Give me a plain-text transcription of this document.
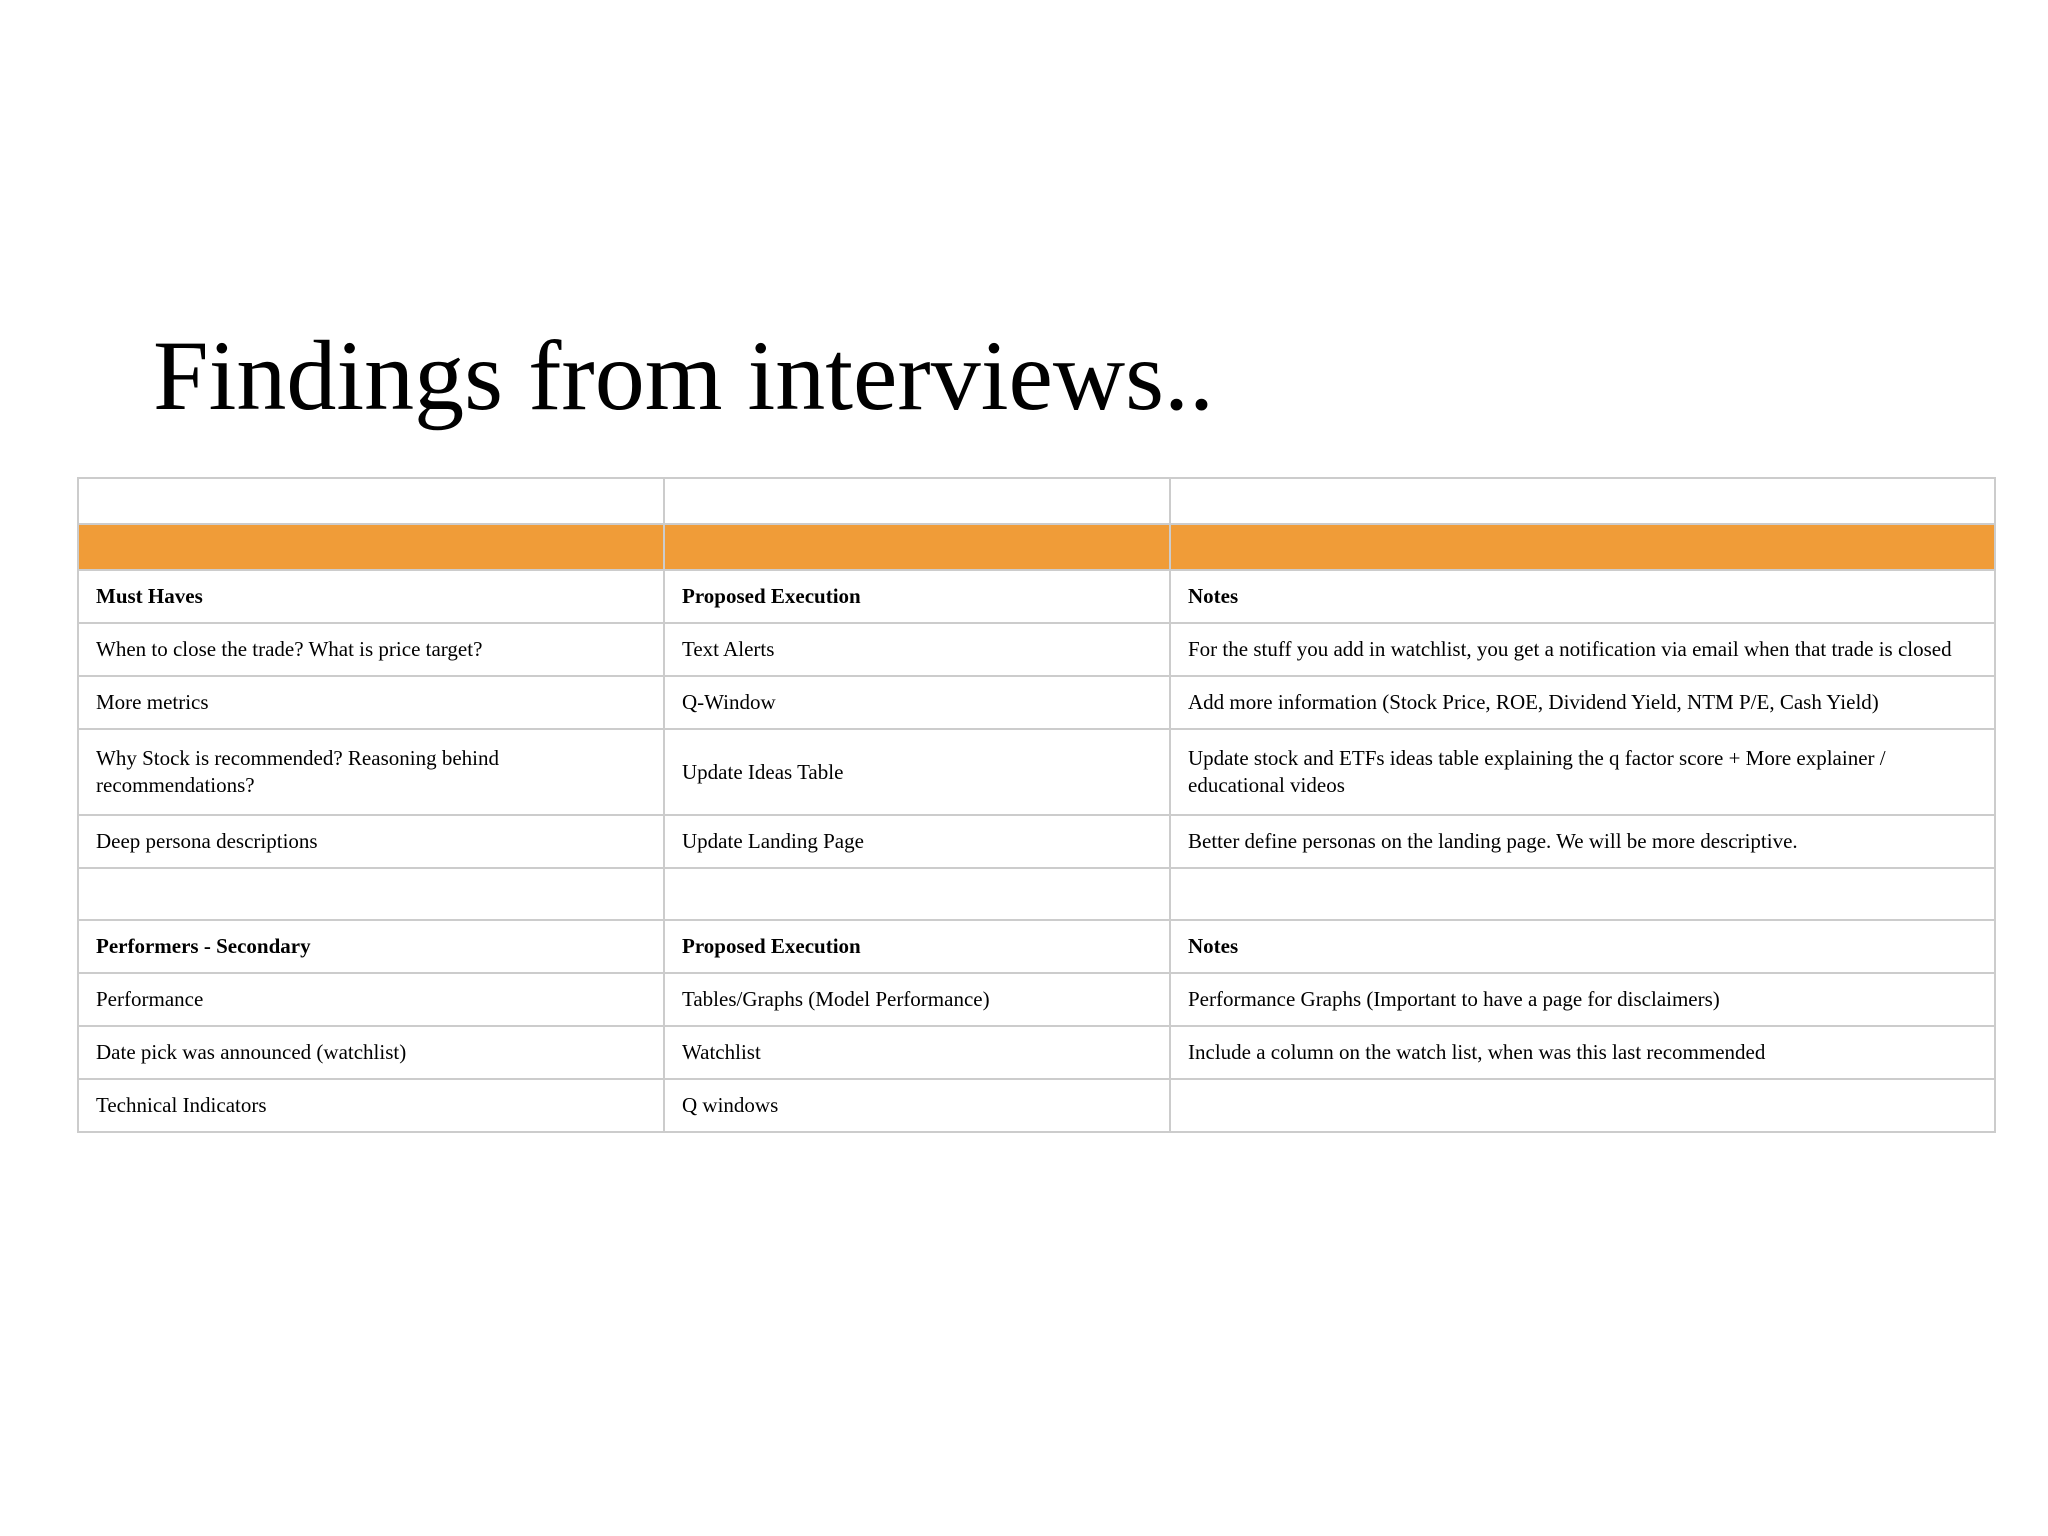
Findings from interviews..

Must Haves	Proposed Execution	Notes
When to close the trade? What is price target?	Text Alerts	For the stuff you add in watchlist, you get a notification via email when that trade is closed
More metrics	Q-Window	Add more information (Stock Price, ROE, Dividend Yield, NTM P/E, Cash Yield)
Why Stock is recommended? Reasoning behind recommendations?	Update Ideas Table	Update stock and ETFs ideas table explaining the q factor score + More explainer / educational videos
Deep persona descriptions	Update Landing Page	Better define personas on the landing page. We will be more descriptive.

Performers - Secondary	Proposed Execution	Notes
Performance	Tables/Graphs (Model Performance)	Performance Graphs (Important to have a page for disclaimers)
Date pick was announced (watchlist)	Watchlist	Include a column on the watch list, when was this last recommended
Technical Indicators	Q windows	
